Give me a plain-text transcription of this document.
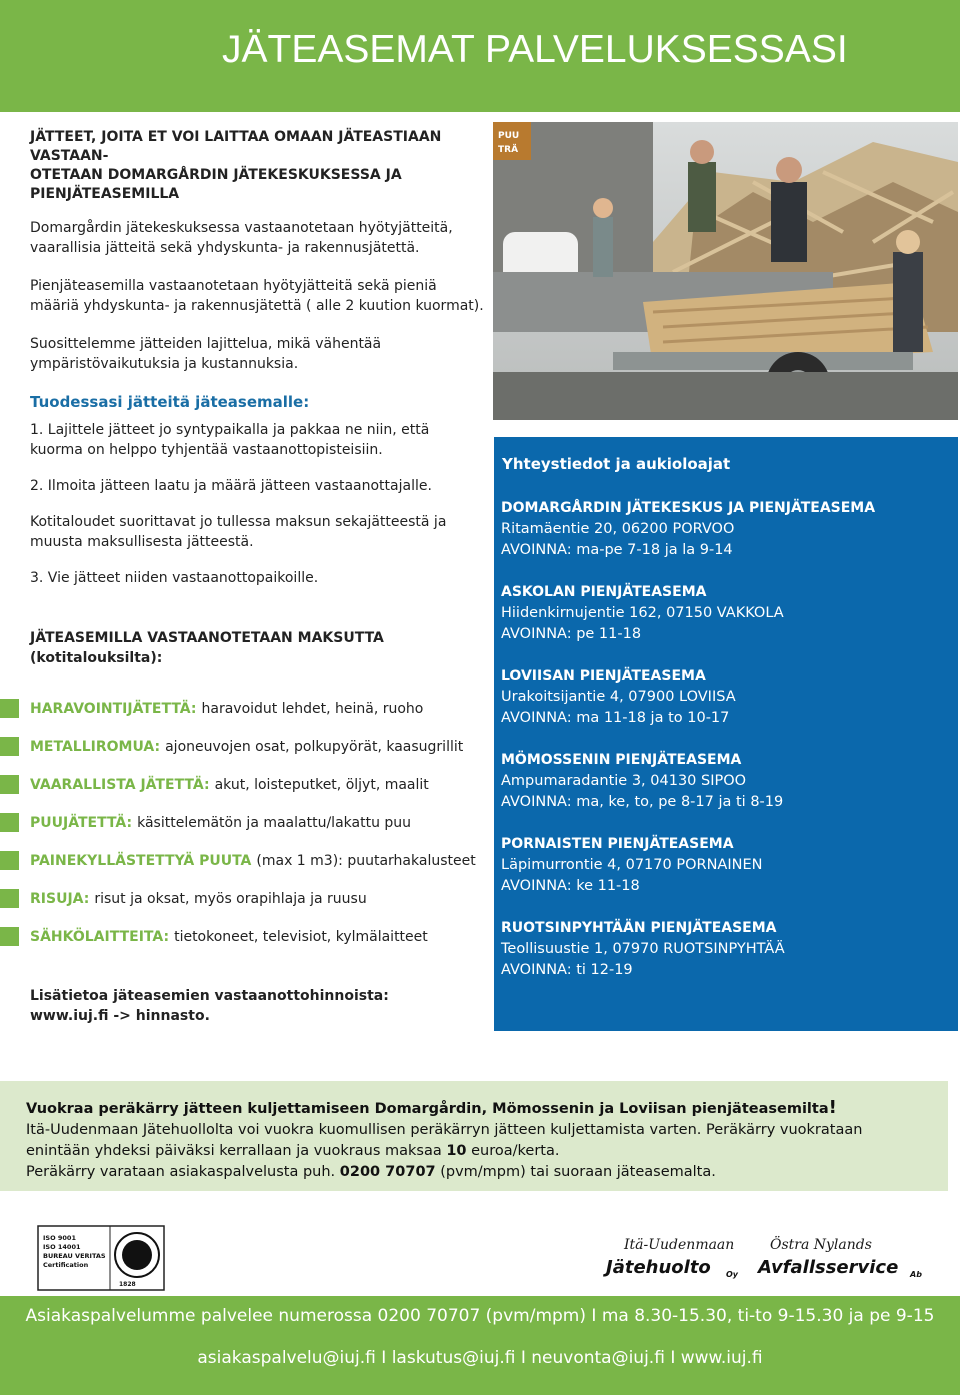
JÄTEASEMAT PALVELUKSESSASI
JÄTTEET, JOITA ET VOI LAITTAA OMAAN JÄTEASTIAAN VASTAAN-
OTETAAN DOMARGÅRDIN JÄTEKESKUKSESSA JA
PIENJÄTEASEMILLA

Domargårdin jätekeskuksessa vastaanotetaan hyötyjätteitä, vaarallisia jätteitä sekä yhdyskunta- ja rakennusjätettä.

Pienjäteasemilla vastaanotetaan hyötyjätteitä sekä pieniä määriä yhdyskunta- ja rakennusjätettä ( alle 2 kuution kuormat).

Suosittelemme jätteiden lajittelua, mikä vähentää ympäristövaikutuksia ja kustannuksia.

Tuodessasi jätteitä jäteasemalle:

1. Lajittele jätteet jo syntypaikalla ja pakkaa ne niin, että kuorma on helppo tyhjentää vastaanottopisteisiin.

2. Ilmoita jätteen laatu ja määrä jätteen vastaanottajalle.

Kotitaloudet suorittavat jo tullessa maksun sekajätteestä ja muusta maksullisesta jätteestä.

3. Vie jätteet niiden vastaanottopaikoille.

JÄTEASEMILLA VASTAANOTETAAN MAKSUTTA (kotitalouksilta):
HARAVOINTIJÄTETTÄ: haravoidut lehdet, heinä, ruoho
METALLIROMUA: ajoneuvojen osat, polkupyörät, kaasugrillit
VAARALLISTA JÄTETTÄ: akut, loisteputket, öljyt, maalit
PUUJÄTETTÄ: käsittelemätön ja maalattu/lakattu puu
PAINEKYLLÄSTETTYÄ PUUTA (max 1 m3): puutarhakalusteet
RISUJA: risut ja oksat, myös orapihlaja ja ruusu
SÄHKÖLAITTEITA: tietokoneet, televisiot, kylmälaitteet
Lisätietoa jäteasemien vastaanottohinnoista:
www.iuj.fi -> hinnasto.
PUU
TRÄ
Yhteystiedot ja aukioloajat
DOMARGÅRDIN JÄTEKESKUS JA PIENJÄTEASEMA
Ritamäentie 20, 06200 PORVOO
AVOINNA: ma-pe 7-18 ja la 9-14
ASKOLAN PIENJÄTEASEMA
Hiidenkirnujentie 162, 07150 VAKKOLA
AVOINNA: pe 11-18
LOVIISAN PIENJÄTEASEMA
Urakoitsijantie 4, 07900 LOVIISA
AVOINNA: ma 11-18 ja to 10-17
MÖMOSSENIN PIENJÄTEASEMA
Ampumaradantie 3, 04130 SIPOO
AVOINNA: ma, ke, to, pe 8-17 ja ti 8-19
PORNAISTEN PIENJÄTEASEMA
Läpimurrontie 4, 07170 PORNAINEN
AVOINNA: ke 11-18
RUOTSINPYHTÄÄN PIENJÄTEASEMA
Teollisuustie 1, 07970 RUOTSINPYHTÄÄ
AVOINNA: ti 12-19
Vuokraa peräkärry jätteen kuljettamiseen Domargårdin, Mömossenin ja Loviisan pienjäteasemilta!
Itä-Uudenmaan Jätehuollolta voi vuokra kuomullisen peräkärryn jätteen kuljettamista varten. Peräkärry vuokrataan
enintään yhdeksi päiväksi kerrallaan ja vuokraus maksaa 10 euroa/kerta.
Peräkärry varataan asiakaspalvelusta puh. 0200 70707 (pvm/mpm) tai suoraan jäteasemalta.
ISO 9001
ISO 14001
BUREAU VERITAS
Certification
1828
Itä-Uudenmaan
Jätehuolto Oy
Östra Nylands
Avfallsservice Ab
Asiakaspalvelumme palvelee numerossa 0200 70707 (pvm/mpm) I ma 8.30-15.30, ti-to 9-15.30 ja pe 9-15
asiakaspalvelu@iuj.fi I laskutus@iuj.fi I neuvonta@iuj.fi I www.iuj.fi
